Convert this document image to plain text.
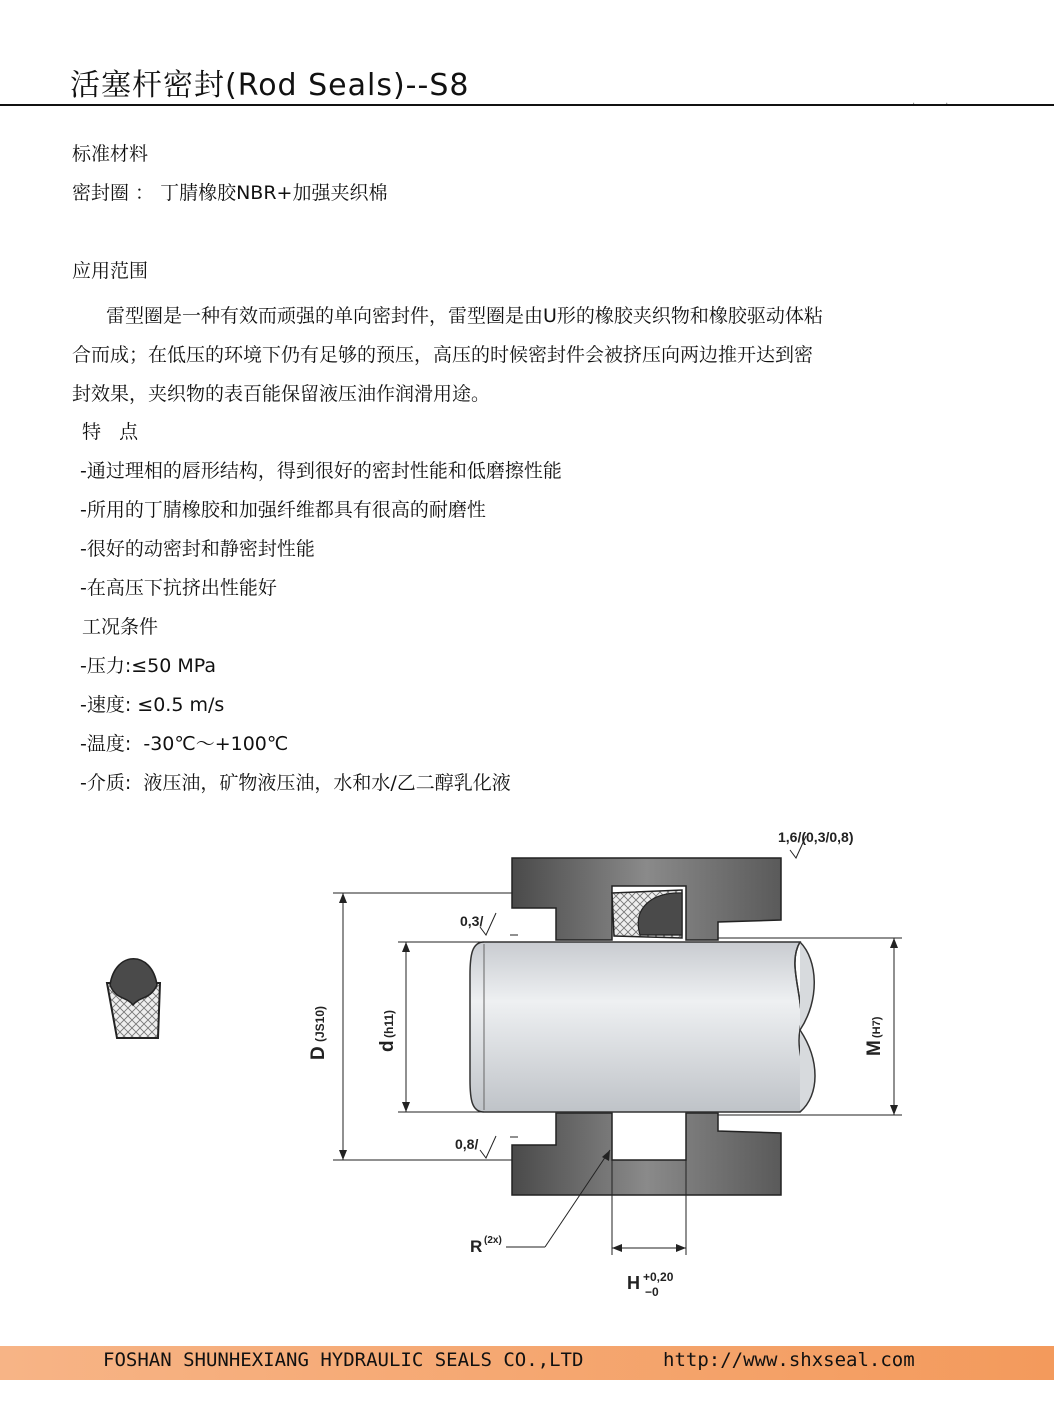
活塞杆密封(Rod Seals)--S8	..
标准材料
密封圈 ： 丁腈橡胶NBR+加强夹织棉
应用范围
雷型圈是一种有效而顽强的单向密封件，雷型圈是由U形的橡胶夹织物和橡胶驱动体粘
合而成；在低压的环境下仍有足够的预压，高压的时候密封件会被挤压向两边推开达到密
封效果，夹织物的表百能保留液压油作润滑用途。
特   点
-通过理相的唇形结构，得到很好的密封性能和低磨擦性能
-所用的丁腈橡胶和加强纤维都具有很高的耐磨性
-很好的动密封和静密封性能
-在高压下抗挤出性能好
工况条件
-压力:≤50 MPa
-速度: ≤0.5 m/s
-温度:  -30℃～+100℃
-介质:  液压油，矿物液压油，水和水/乙二醇乳化液
1,6/(0,3/0,8)
0,3/
0,8/
D
(JS10)
d
(h11)
M
(H7)
R (2x)
H +0,20
−0
FOSHAN SHUNHEXIANG HYDRAULIC SEALS CO.,LTD	http://www.shxseal.com
